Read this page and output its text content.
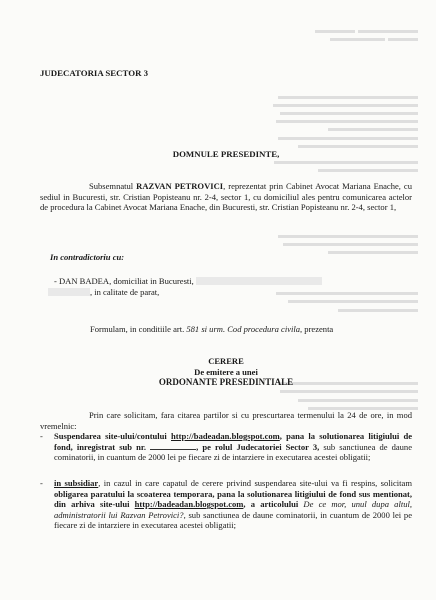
JUDECATORIA SECTOR 3
DOMNULE PRESEDINTE,
Subsemnatul RAZVAN PETROVICI, reprezentat prin Cabinet Avocat Mariana Enache, cu sediul in Bucuresti, str. Cristian Popisteanu nr. 2-4, sector 1, cu domiciliul ales pentru comunicarea actelor de procedura la Cabinet Avocat Mariana Enache, din Bucuresti, str. Cristian Popisteanu nr. 2-4, sector 1,
In contradictoriu cu:
- DAN BADEA, domiciliat in Bucuresti,
, in calitate de parat,
Formulam, in conditiile art. 581 si urm. Cod procedura civila, prezenta
CERERE
De emitere a unei
ORDONANTE PRESEDINTIALE
Prin care solicitam, fara citarea partilor si cu prescurtarea termenului la 24 de ore, in mod vremelnic:
- Suspendarea site-ului/contului http://badeadan.blogspot.com, pana la solutionarea litigiului de fond, inregistrat sub nr.	, pe rolul Judecatoriei Sector 3, sub sanctiunea de daune cominatorii, in cuantum de 2000 lei pe fiecare zi de intarziere in executarea acestei obligatii;
- in subsidiar, in cazul in care capatul de cerere privind suspendarea site-ului va fi respins, solicitam obligarea paratului la scoaterea temporara, pana la solutionarea litigiului de fond sus mentionat, din arhiva site-ului http://badeadan.blogspot.com, a articolului De ce mor, unul dupa altul, administratorii lui Razvan Petrovici?, sub sanctiunea de daune cominatorii, in cuantum de 2000 lei pe fiecare zi de intarziere in executarea acestei obligatii;
